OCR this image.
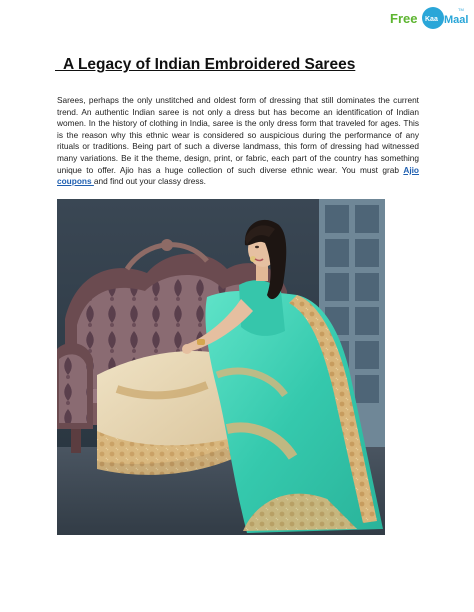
Free Kaa Maal
TM
A Legacy of Indian Embroidered Sarees
Sarees, perhaps the only unstitched and oldest form of dressing that still dominates the current trend. An authentic Indian saree is not only a dress but has become an identification of Indian women. In the history of clothing in India, saree is the only dress form that traveled for ages. This is the reason why this ethnic wear is considered so auspicious during the performance of any rituals or traditions. Being part of such a diverse landmass, this form of dressing had witnessed many variations. Be it the theme, design, print, or fabric, each part of the country has something unique to offer. Ajio has a huge collection of such diverse ethnic wear. You must grab Ajio coupons and find out your classy dress.
